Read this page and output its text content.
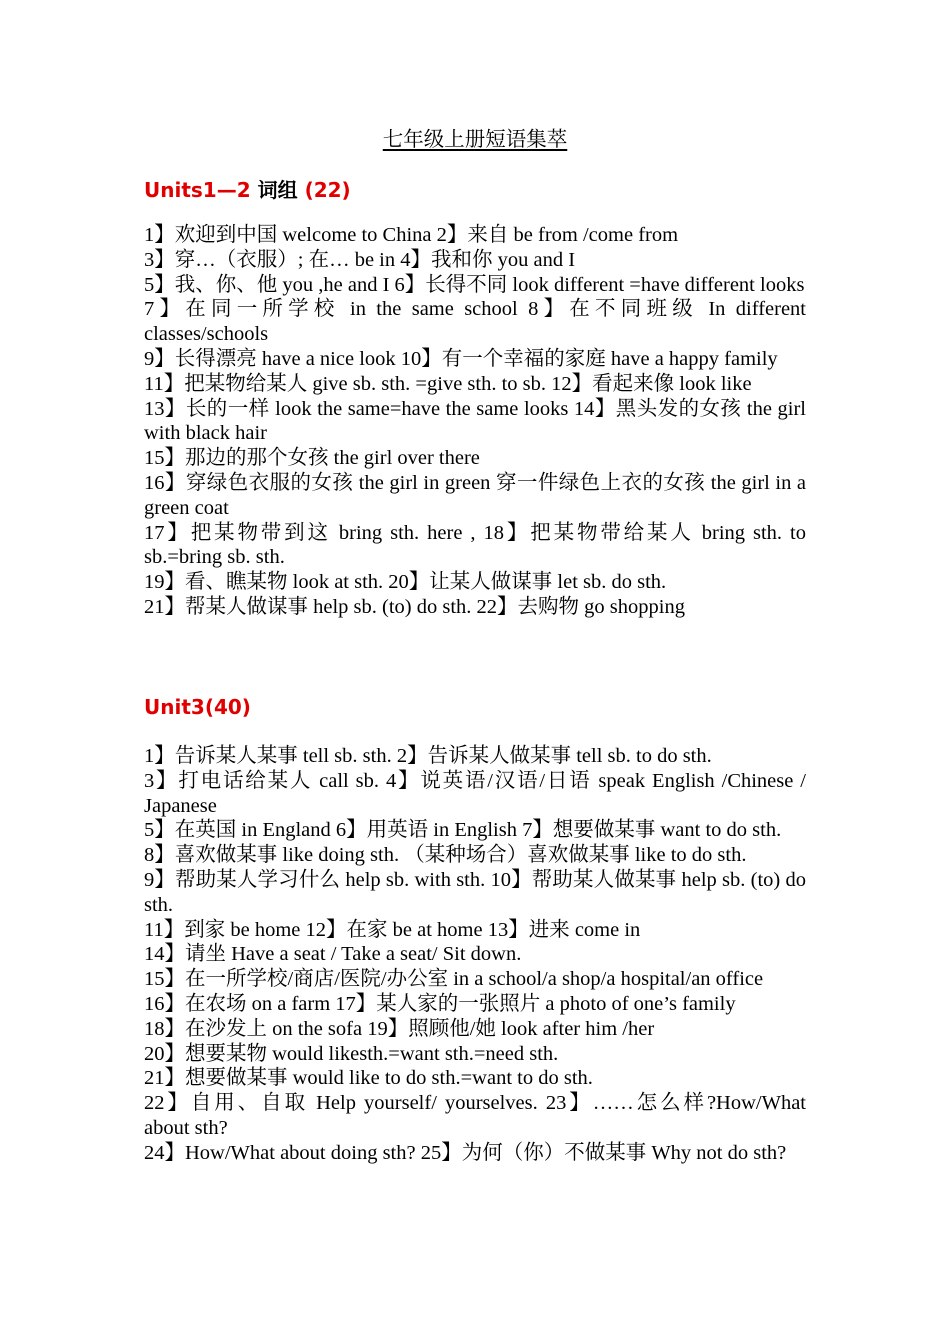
七年级上册短语集萃
Units1—2 词组 (22)
1】欢迎到中国 welcome to China 2】来自 be from /come from
3】穿…（衣服）; 在… be in 4】我和你 you and I
5】我、你、他 you ,he and I 6】长得不同 look different =have different looks
7】在同一所学校 in the same school 8】在不同班级 In different classes/schools
9】长得漂亮 have a nice look 10】有一个幸福的家庭 have a happy family
11】把某物给某人 give sb. sth. =give sth. to sb. 12】看起来像 look like
13】长的一样 look the same=have the same looks 14】黑头发的女孩 the girl with black hair
15】那边的那个女孩 the girl over there
16】穿绿色衣服的女孩 the girl in green 穿一件绿色上衣的女孩 the girl in a green coat
17】把某物带到这 bring sth. here , 18】把某物带给某人 bring sth. to sb.=bring sb. sth.
19】看、瞧某物 look at sth. 20】让某人做谋事 let sb. do sth.
21】帮某人做谋事 help sb. (to) do sth. 22】去购物 go shopping
Unit3(40)
1】告诉某人某事 tell sb. sth. 2】告诉某人做某事 tell sb. to do sth.
3】打电话给某人 call sb. 4】说英语/汉语/日语 speak English /Chinese / Japanese
5】在英国 in England 6】用英语 in English 7】想要做某事 want to do sth.
8】喜欢做某事 like doing sth. （某种场合）喜欢做某事 like to do sth.
9】帮助某人学习什么 help sb. with sth. 10】帮助某人做某事 help sb. (to) do sth.
11】到家 be home 12】在家 be at home 13】进来 come in
14】请坐 Have a seat / Take a seat/ Sit down.
15】在一所学校/商店/医院/办公室 in a school/a shop/a hospital/an office
16】在农场 on a farm 17】某人家的一张照片 a photo of one’s family
18】在沙发上 on the sofa 19】照顾他/她 look after him /her
20】想要某物 would likesth.=want sth.=need sth.
21】想要做某事 would like to do sth.=want to do sth.
22】自用、自取 Help yourself/ yourselves. 23】……怎么样?How/What about sth?
24】How/What about doing sth? 25】为何（你）不做某事 Why not do sth?
